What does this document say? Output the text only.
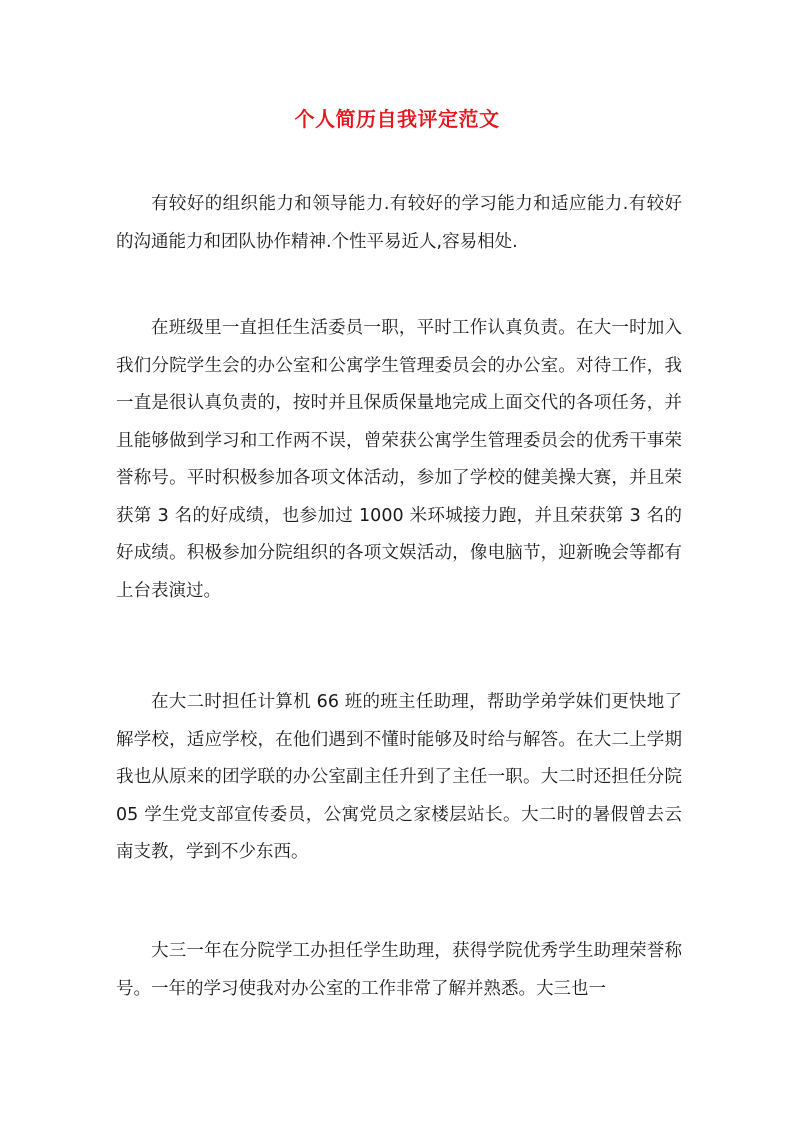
个人简历自我评定范文

有较好的组织能力和领导能力.有较好的学习能力和适应能力.有较好的沟通能力和团队协作精神.个性平易近人,容易相处.

在班级里一直担任生活委员一职，平时工作认真负责。在大一时加入我们分院学生会的办公室和公寓学生管理委员会的办公室。对待工作，我一直是很认真负责的，按时并且保质保量地完成上面交代的各项任务，并且能够做到学习和工作两不误，曾荣获公寓学生管理委员会的优秀干事荣誉称号。平时积极参加各项文体活动，参加了学校的健美操大赛，并且荣获第 3 名的好成绩，也参加过 1000 米环城接力跑，并且荣获第 3 名的好成绩。积极参加分院组织的各项文娱活动，像电脑节，迎新晚会等都有上台表演过。

在大二时担任计算机 66 班的班主任助理，帮助学弟学妹们更快地了解学校，适应学校，在他们遇到不懂时能够及时给与解答。在大二上学期我也从原来的团学联的办公室副主任升到了主任一职。大二时还担任分院 05 学生党支部宣传委员，公寓党员之家楼层站长。大二时的暑假曾去云南支教，学到不少东西。

大三一年在分院学工办担任学生助理，获得学院优秀学生助理荣誉称号。一年的学习使我对办公室的工作非常了解并熟悉。大三也一
